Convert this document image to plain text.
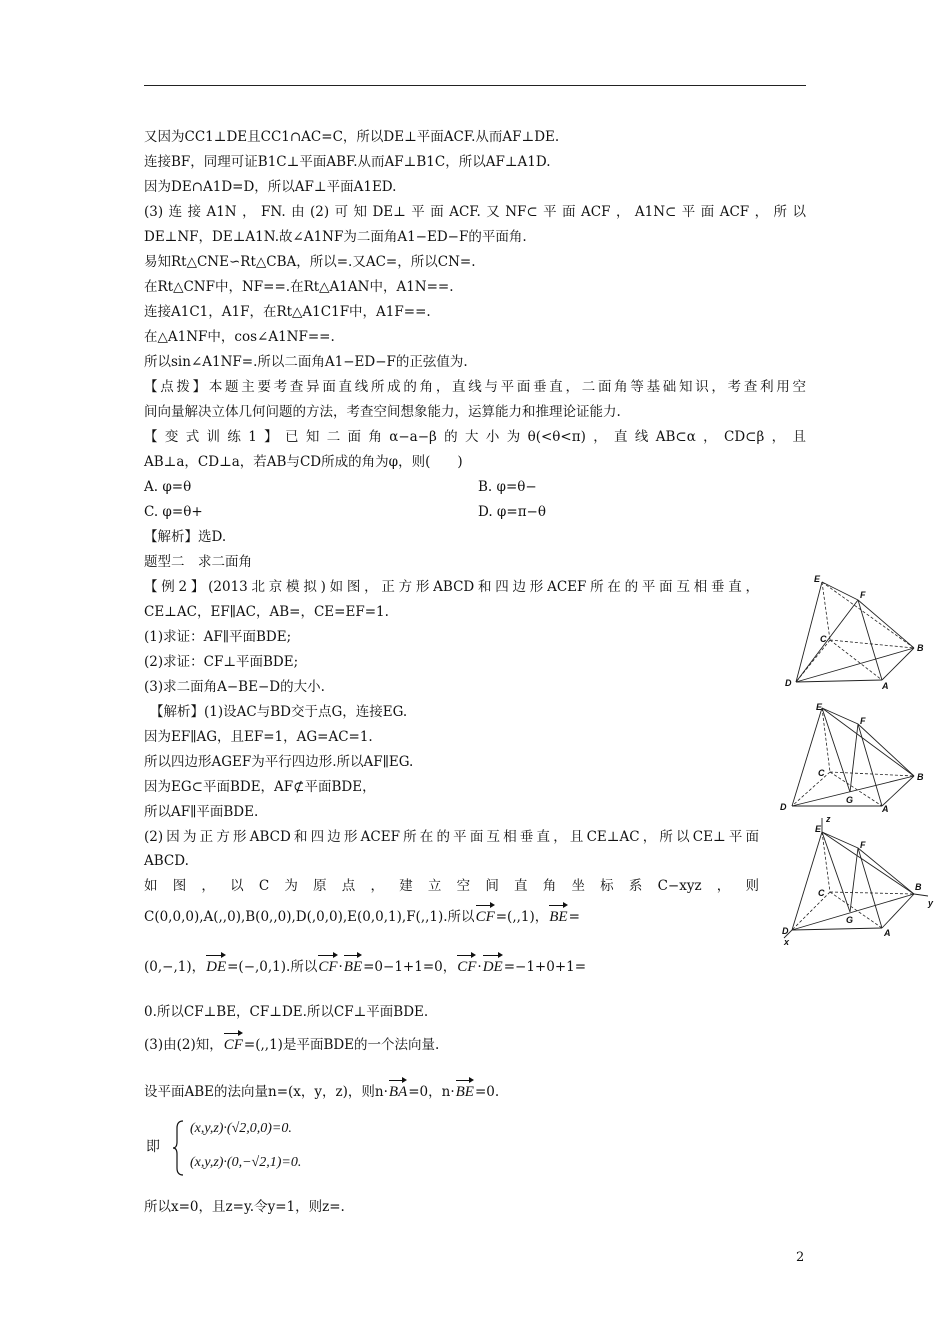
又因为CC1⊥DE且CC1∩AC=C，所以DE⊥平面ACF.从而AF⊥DE.
连接BF，同理可证B1C⊥平面ABF.从而AF⊥B1C，所以AF⊥A1D.
因为DE∩A1D=D，所以AF⊥平面A1ED.
(3)连接A1N，FN.由(2)可知DE⊥平面ACF.又NF⊂平面ACF，A1N⊂平面ACF，所以
DE⊥NF，DE⊥A1N.故∠A1NF为二面角A1−ED−F的平面角.
易知Rt△CNE∽Rt△CBA，所以=.又AC=，所以CN=.
在Rt△CNF中，NF==.在Rt△A1AN中，A1N==.
连接A1C1，A1F，在Rt△A1C1F中，A1F==.
在△A1NF中，cos∠A1NF==.
所以sin∠A1NF=.所以二面角A1−ED−F的正弦值为.
【点拨】本题主要考查异面直线所成的角，直线与平面垂直，二面角等基础知识，考查利用空
间向量解决立体几何问题的方法，考查空间想象能力，运算能力和推理论证能力.
【变式训练1】已知二面角α−a−β的大小为θ(<θ<π)，直线AB⊂α，CD⊂β，且
AB⊥a，CD⊥a，若AB与CD所成的角为φ，则(　　)
A. φ=θ	B. φ=θ−
C. φ=θ+	D. φ=π−θ
【解析】选D.
题型二　求二面角
【例2】(2013北京模拟)如图，正方形ABCD和四边形ACEF所在的平面互相垂直，
CE⊥AC，EF∥AC，AB=，CE=EF=1.
(1)求证：AF∥平面BDE;
(2)求证：CF⊥平面BDE;
(3)求二面角A−BE−D的大小.
【解析】(1)设AC与BD交于点G，连接EG.
因为EF∥AG，且EF=1，AG=AC=1.
所以四边形AGEF为平行四边形.所以AF∥EG.
因为EG⊂平面BDE，AF⊄平面BDE，
所以AF∥平面BDE.
(2)因为正方形ABCD和四边形ACEF所在的平面互相垂直，且CE⊥AC，所以CE⊥平面
ABCD.
如图，以C为原点，建立空间直角坐标系C−xyz，则
C(0,0,0),A(,,0),B(0,,0),D(,0,0),E(0,0,1),F(,,1).所以CF=(,,1)，BE=
(0,−,1)，DE=(−,0,1).所以CF·BE=0−1+1=0，CF·DE=−1+0+1=
0.所以CF⊥BE，CF⊥DE.所以CF⊥平面BDE.
(3)由(2)知，CF=(,,1)是平面BDE的一个法向量.
设平面ABE的法向量n=(x，y，z)，则n·BA=0，n·BE=0.
即
(x,y,z)·(√2,0,0)=0.
(x,y,z)·(0,−√2,1)=0.
所以x=0，且z=y.令y=1，则z=.
E
F
C
B
D	A
E
F
C	B
D	A
G
z
E
F
C
B
y
D
x
A
G
2
